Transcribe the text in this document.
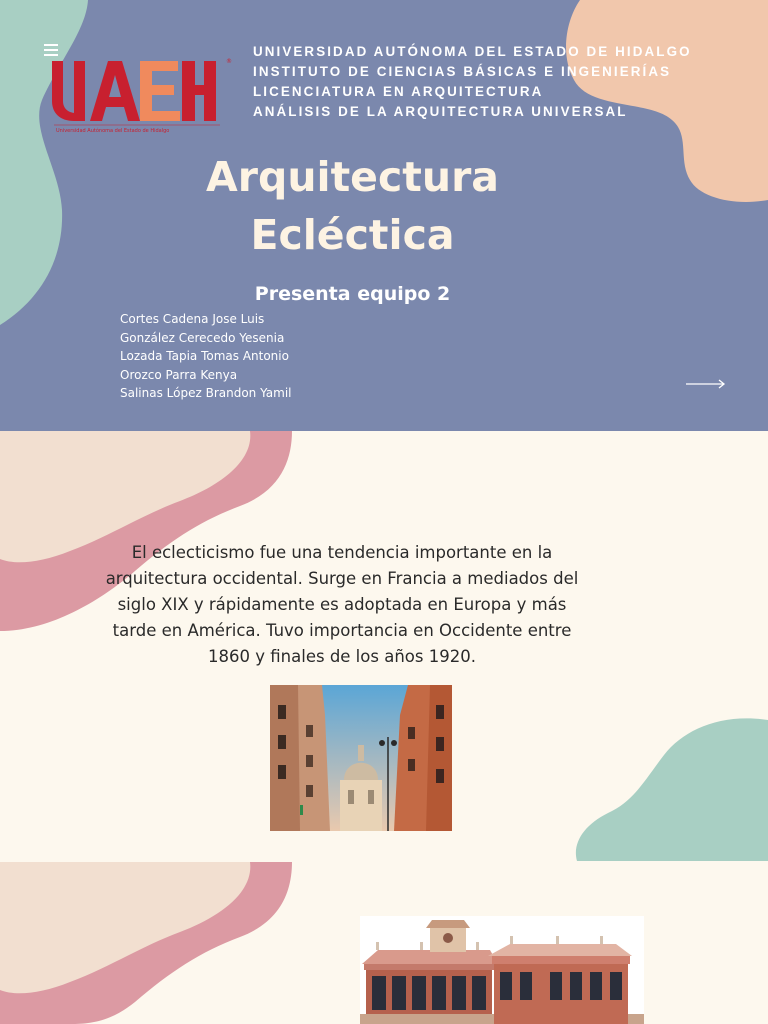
®
Universidad Autónoma del Estado de Hidalgo
UNIVERSIDAD AUTÓNOMA DEL ESTADO DE HIDALGO
INSTITUTO DE CIENCIAS BÁSICAS E INGENIERÍAS
LICENCIATURA EN ARQUITECTURA
ANÁLISIS DE LA ARQUITECTURA UNIVERSAL
Arquitectura
Ecléctica
Presenta equipo 2
Cortes Cadena Jose Luis
González Cerecedo Yesenia
Lozada Tapia Tomas Antonio
Orozco Parra Kenya
Salinas López Brandon Yamil
El eclecticismo fue una tendencia importante en la arquitectura occidental. Surge en Francia a mediados del siglo XIX y rápidamente es adoptada en Europa y más tarde en América. Tuvo importancia en Occidente entre 1860 y finales de los años 1920.
